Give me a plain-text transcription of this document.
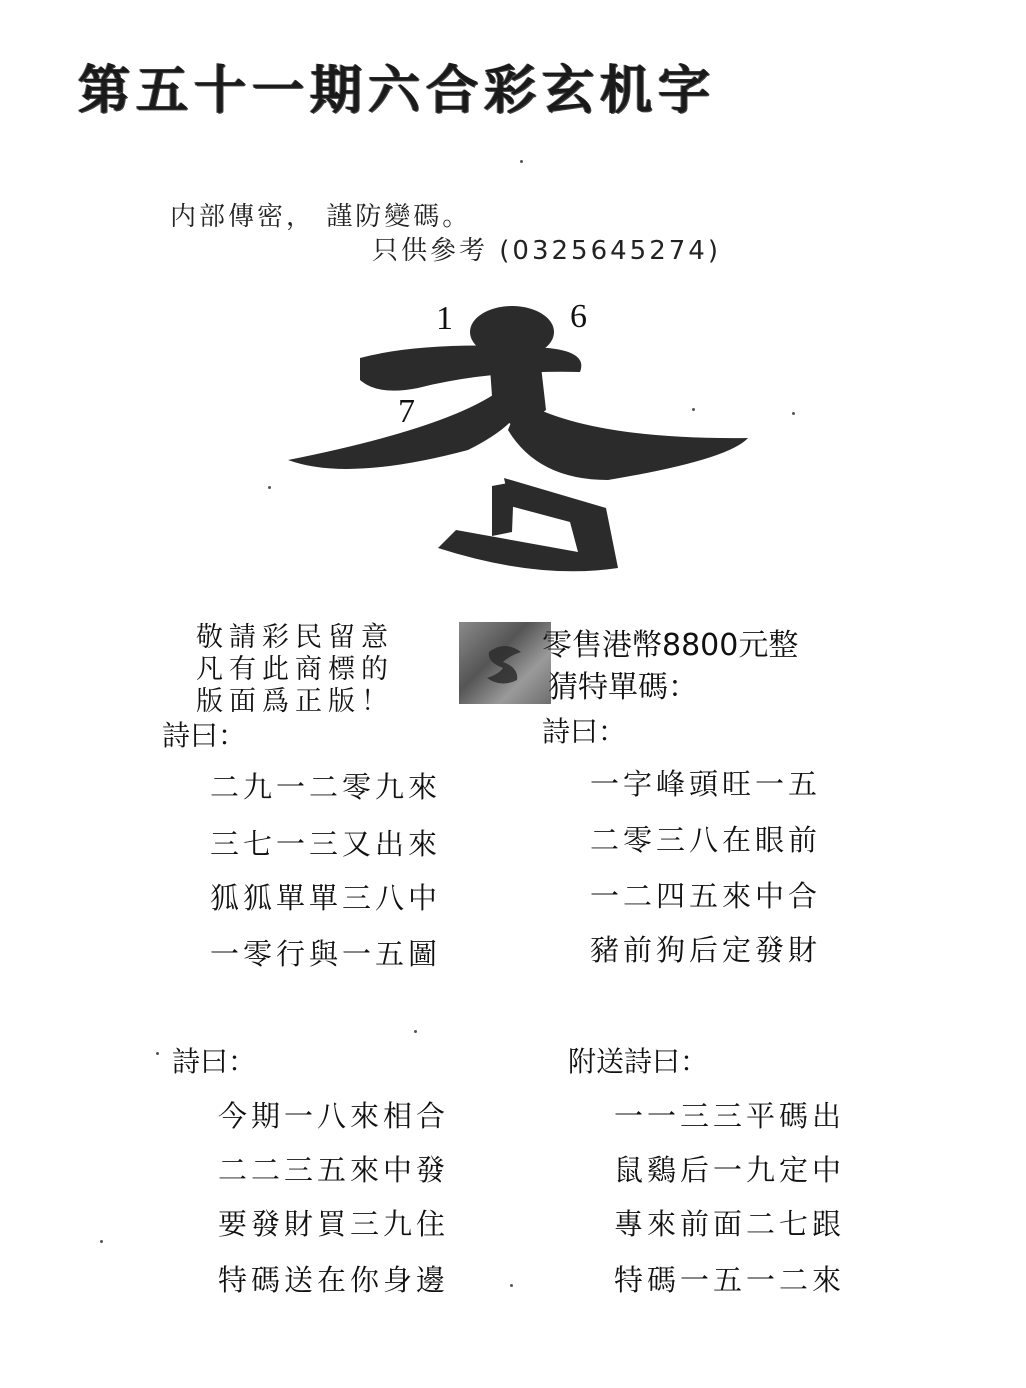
第五十一期六合彩玄机字
内部傳密， 謹防變碼。
只供參考 (0325645274)
1	6
7
敬請彩民留意
凡有此商標的
版面爲正版！
零售港幣8800元整
猜特單碼：
詩曰：
二九一二零九來
三七一三又出來
狐狐單單三八中
一零行與一五圖
詩曰：
一字峰頭旺一五
二零三八在眼前
一二四五來中合
豬前狗后定發財
詩曰：
今期一八來相合
二二三五來中發
要發財買三九住
特碼送在你身邊
附送詩曰：
一一三三平碼出
鼠鷄后一九定中
專來前面二七跟
特碼一五一二來
